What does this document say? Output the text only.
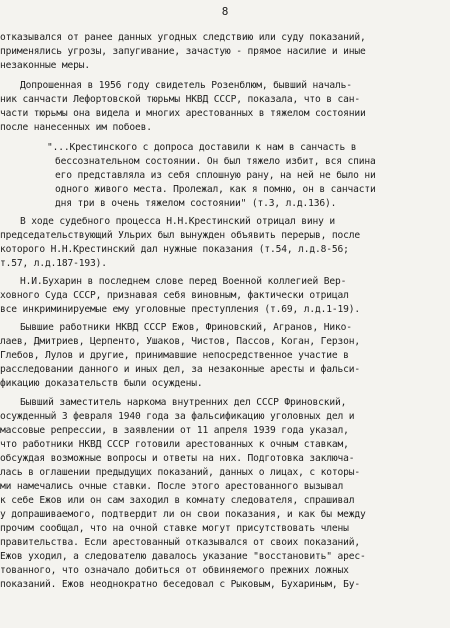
8
отказывался от ранее данных угодных следствию или суду показаний,
применялись угрозы, запугивание, зачастую - прямое насилие и иные
незаконные меры.
Допрошенная в 1956 году свидетель Розенблюм, бывший началь-
ник санчасти Лефортовской тюрьмы НКВД СССР, показала, что в сан-
части тюрьмы она видела и многих арестованных в тяжелом состоянии
после нанесенных им побоев.
"...Крестинского с допроса доставили к нам в санчасть в
бессознательном состоянии. Он был тяжело избит, вся спина
его представляла из себя сплошную рану, на ней не было ни
одного живого места. Пролежал, как я помню, он в санчасти
дня три в очень тяжелом состоянии" (т.3, л.д.136).
В ходе судебного процесса Н.Н.Крестинский отрицал вину и
председательствующий Ульрих был вынужден объявить перерыв, после
которого Н.Н.Крестинский дал нужные показания (т.54, л.д.8-56;
т.57, л.д.187-193).
Н.И.Бухарин в последнем слове перед Военной коллегией Вер-
ховного Суда СССР, признавая себя виновным, фактически отрицал
все инкриминируемые ему уголовные преступления (т.69, л.д.1-19).
Бывшие работники НКВД СССР Ежов, Фриновский, Агранов, Нико-
лаев, Дмитриев, Церпенто, Ушаков, Чистов, Пассов, Коган, Герзон,
Глебов, Лулов и другие, принимавшие непосредственное участие в
расследовании данного и иных дел, за незаконные аресты и фальси-
фикацию доказательств были осуждены.
Бывший заместитель наркома внутренних дел СССР Фриновский,
осужденный 3 февраля 1940 года за фальсификацию уголовных дел и
массовые репрессии, в заявлении от 11 апреля 1939 года указал,
что работники НКВД СССР готовили арестованных к очным ставкам,
обсуждая возможные вопросы и ответы на них. Подготовка заключа-
лась в оглашении предыдущих показаний, данных о лицах, с которы-
ми намечались очные ставки. После этого арестованного вызывал
к себе Ежов или он сам заходил в комнату следователя, спрашивал
у допрашиваемого, подтвердит ли он свои показания, и как бы между
прочим сообщал, что на очной ставке могут присутствовать члены
правительства. Если арестованный отказывался от своих показаний,
Ежов уходил, а следователю давалось указание "восстановить" арес-
тованного, что означало добиться от обвиняемого прежних ложных
показаний. Ежов неоднократно беседовал с Рыковым, Бухариным, Бу-
